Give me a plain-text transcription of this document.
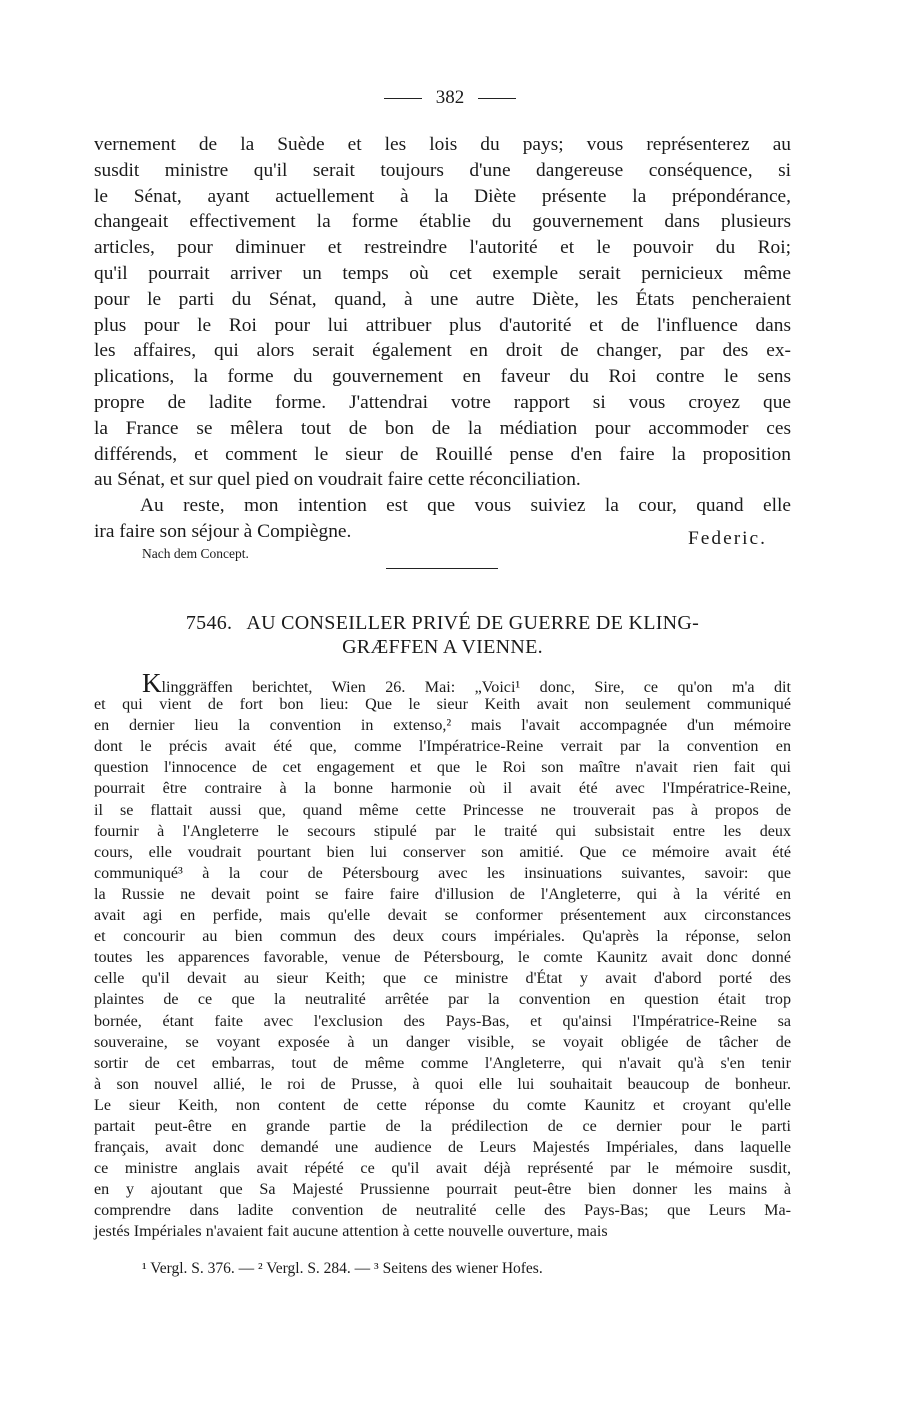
382
vernement de la Suède et les lois du pays; vous représenterez au
susdit ministre qu'il serait toujours d'une dangereuse conséquence, si
le Sénat, ayant actuellement à la Diète présente la prépondérance,
changeait effectivement la forme établie du gouvernement dans plusieurs
articles, pour diminuer et restreindre l'autorité et le pouvoir du Roi;
qu'il pourrait arriver un temps où cet exemple serait pernicieux même
pour le parti du Sénat, quand, à une autre Diète, les États pencheraient
plus pour le Roi pour lui attribuer plus d'autorité et de l'influence dans
les affaires, qui alors serait également en droit de changer, par des ex-
plications, la forme du gouvernement en faveur du Roi contre le sens
propre de ladite forme. J'attendrai votre rapport si vous croyez que
la France se mêlera tout de bon de la médiation pour accommoder ces
différends, et comment le sieur de Rouillé pense d'en faire la proposition
au Sénat, et sur quel pied on voudrait faire cette réconciliation.
Au reste, mon intention est que vous suiviez la cour, quand elle
ira faire son séjour à Compiègne.	Federic.
Nach dem Concept.
7546. AU CONSEILLER PRIVÉ DE GUERRE DE KLING-
GRÆFFEN A VIENNE.
Klinggräffen berichtet, Wien 26. Mai: „Voici¹ donc, Sire, ce qu'on m'a dit
et qui vient de fort bon lieu: Que le sieur Keith avait non seulement communiqué
en dernier lieu la convention in extenso,² mais l'avait accompagnée d'un mémoire
dont le précis avait été que, comme l'Impératrice-Reine verrait par la convention en
question l'innocence de cet engagement et que le Roi son maître n'avait rien fait qui
pourrait être contraire à la bonne harmonie où il avait été avec l'Impératrice-Reine,
il se flattait aussi que, quand même cette Princesse ne trouverait pas à propos de
fournir à l'Angleterre le secours stipulé par le traité qui subsistait entre les deux
cours, elle voudrait pourtant bien lui conserver son amitié. Que ce mémoire avait été
communiqué³ à la cour de Pétersbourg avec les insinuations suivantes, savoir: que
la Russie ne devait point se faire faire d'illusion de l'Angleterre, qui à la vérité en
avait agi en perfide, mais qu'elle devait se conformer présentement aux circonstances
et concourir au bien commun des deux cours impériales. Qu'après la réponse, selon
toutes les apparences favorable, venue de Pétersbourg, le comte Kaunitz avait donc donné
celle qu'il devait au sieur Keith; que ce ministre d'État y avait d'abord porté des
plaintes de ce que la neutralité arrêtée par la convention en question était trop
bornée, étant faite avec l'exclusion des Pays-Bas, et qu'ainsi l'Impératrice-Reine sa
souveraine, se voyant exposée à un danger visible, se voyait obligée de tâcher de
sortir de cet embarras, tout de même comme l'Angleterre, qui n'avait qu'à s'en tenir
à son nouvel allié, le roi de Prusse, à quoi elle lui souhaitait beaucoup de bonheur.
Le sieur Keith, non content de cette réponse du comte Kaunitz et croyant qu'elle
partait peut-être en grande partie de la prédilection de ce dernier pour le parti
français, avait donc demandé une audience de Leurs Majestés Impériales, dans laquelle
ce ministre anglais avait répété ce qu'il avait déjà représenté par le mémoire susdit,
en y ajoutant que Sa Majesté Prussienne pourrait peut-être bien donner les mains à
comprendre dans ladite convention de neutralité celle des Pays-Bas; que Leurs Ma-
jestés Impériales n'avaient fait aucune attention à cette nouvelle ouverture, mais
¹ Vergl. S. 376. — ² Vergl. S. 284. — ³ Seitens des wiener Hofes.
